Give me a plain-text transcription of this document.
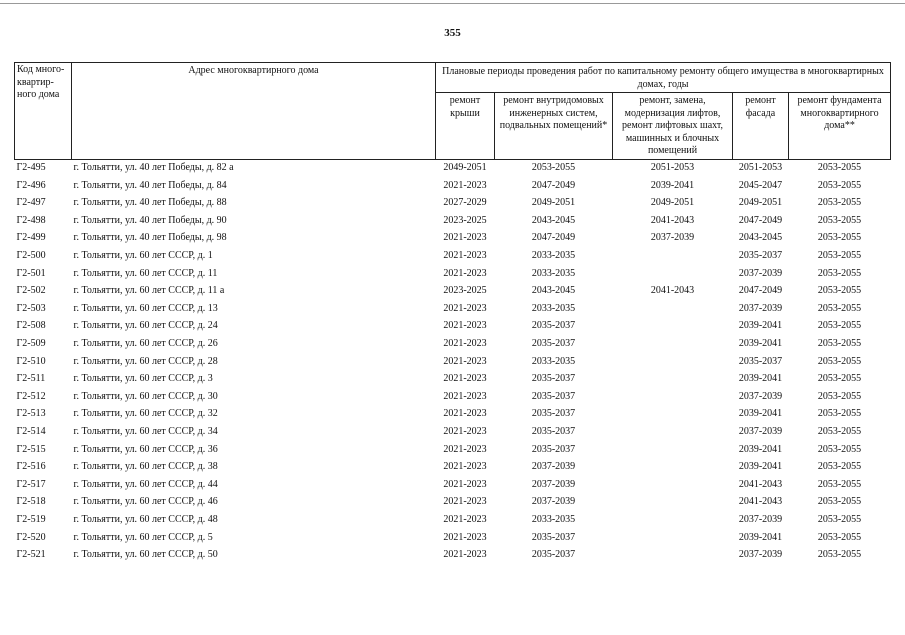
355
Код много-квартир-ного дома	Адрес многоквартирного дома	Плановые периоды проведения работ по капитальному ремонту общего имущества в многоквартирных домах, годы				
		ремонт крыши	ремонт внутридомовых инженерных систем, подвальных помещений*	ремонт, замена, модернизация лифтов, ремонт лифтовых шахт, машинных и блочных помещений	ремонт фасада	ремонт фундамента многоквартирного дома**
Г2-495	г. Тольятти, ул. 40 лет Победы, д. 82 а	2049-2051	2053-2055	2051-2053	2051-2053	2053-2055
Г2-496	г. Тольятти, ул. 40 лет Победы, д. 84	2021-2023	2047-2049	2039-2041	2045-2047	2053-2055
Г2-497	г. Тольятти, ул. 40 лет Победы, д. 88	2027-2029	2049-2051	2049-2051	2049-2051	2053-2055
Г2-498	г. Тольятти, ул. 40 лет Победы, д. 90	2023-2025	2043-2045	2041-2043	2047-2049	2053-2055
Г2-499	г. Тольятти, ул. 40 лет Победы, д. 98	2021-2023	2047-2049	2037-2039	2043-2045	2053-2055
Г2-500	г. Тольятти, ул. 60 лет СССР, д. 1	2021-2023	2033-2035		2035-2037	2053-2055
Г2-501	г. Тольятти, ул. 60 лет СССР, д. 11	2021-2023	2033-2035		2037-2039	2053-2055
Г2-502	г. Тольятти, ул. 60 лет СССР, д. 11 а	2023-2025	2043-2045	2041-2043	2047-2049	2053-2055
Г2-503	г. Тольятти, ул. 60 лет СССР, д. 13	2021-2023	2033-2035		2037-2039	2053-2055
Г2-508	г. Тольятти, ул. 60 лет СССР, д. 24	2021-2023	2035-2037		2039-2041	2053-2055
Г2-509	г. Тольятти, ул. 60 лет СССР, д. 26	2021-2023	2035-2037		2039-2041	2053-2055
Г2-510	г. Тольятти, ул. 60 лет СССР, д. 28	2021-2023	2033-2035		2035-2037	2053-2055
Г2-511	г. Тольятти, ул. 60 лет СССР, д. 3	2021-2023	2035-2037		2039-2041	2053-2055
Г2-512	г. Тольятти, ул. 60 лет СССР, д. 30	2021-2023	2035-2037		2037-2039	2053-2055
Г2-513	г. Тольятти, ул. 60 лет СССР, д. 32	2021-2023	2035-2037		2039-2041	2053-2055
Г2-514	г. Тольятти, ул. 60 лет СССР, д. 34	2021-2023	2035-2037		2037-2039	2053-2055
Г2-515	г. Тольятти, ул. 60 лет СССР, д. 36	2021-2023	2035-2037		2039-2041	2053-2055
Г2-516	г. Тольятти, ул. 60 лет СССР, д. 38	2021-2023	2037-2039		2039-2041	2053-2055
Г2-517	г. Тольятти, ул. 60 лет СССР, д. 44	2021-2023	2037-2039		2041-2043	2053-2055
Г2-518	г. Тольятти, ул. 60 лет СССР, д. 46	2021-2023	2037-2039		2041-2043	2053-2055
Г2-519	г. Тольятти, ул. 60 лет СССР, д. 48	2021-2023	2033-2035		2037-2039	2053-2055
Г2-520	г. Тольятти, ул. 60 лет СССР, д. 5	2021-2023	2035-2037		2039-2041	2053-2055
Г2-521	г. Тольятти, ул. 60 лет СССР, д. 50	2021-2023	2035-2037		2037-2039	2053-2055
